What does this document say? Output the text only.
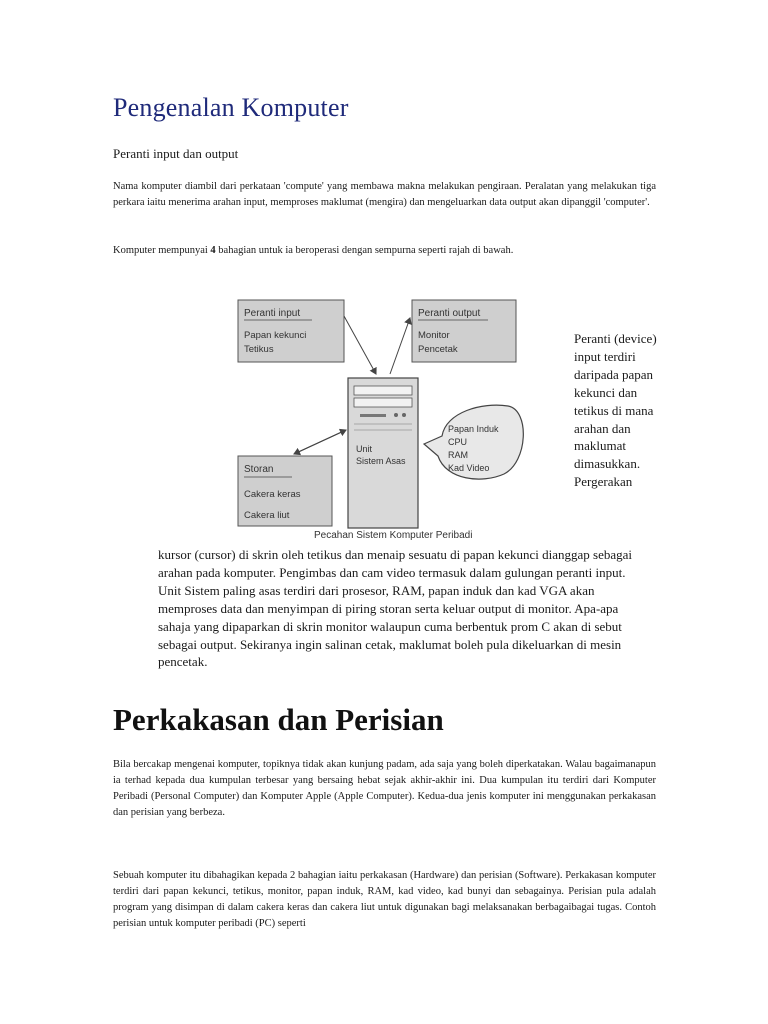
Pengenalan Komputer
Peranti input dan output
Nama komputer diambil dari perkataan 'compute' yang membawa makna melakukan pengiraan. Peralatan yang melakukan tiga perkara iaitu menerima arahan input, memproses maklumat (mengira) dan mengeluarkan data output akan dipanggil 'computer'.
Komputer mempunyai 4 bahagian untuk ia beroperasi dengan sempurna seperti rajah di bawah.
Peranti input
Papan kekunci
Tetikus
Peranti output
Monitor
Pencetak
Storan
Cakera keras
Cakera liut
Unit
Sistem Asas
Papan Induk
CPU
RAM
Kad Video
Pecahan Sistem Komputer Peribadi
Peranti (device) input terdiri daripada papan kekunci dan tetikus di mana arahan dan maklumat dimasukkan. Pergerakan
kursor (cursor) di skrin oleh tetikus dan menaip sesuatu di papan kekunci dianggap sebagai arahan pada komputer. Pengimbas dan cam video termasuk dalam gulungan peranti input. Unit Sistem paling asas terdiri dari prosesor, RAM, papan induk dan kad VGA akan memproses data dan menyimpan di piring storan serta keluar output di monitor. Apa-apa sahaja yang dipaparkan di skrin monitor walaupun cuma berbentuk prom C akan di sebut sebagai output. Sekiranya ingin salinan cetak, maklumat boleh pula dikeluarkan di mesin pencetak.
Perkakasan dan Perisian
Bila bercakap mengenai komputer, topiknya tidak akan kunjung padam, ada saja yang boleh diperkatakan. Walau bagaimanapun ia terhad kepada dua kumpulan terbesar yang bersaing hebat sejak akhir-akhir ini. Dua kumpulan itu terdiri dari Komputer Peribadi (Personal Computer) dan Komputer Apple (Apple Computer). Kedua-dua jenis komputer ini menggunakan perkakasan dan perisian yang berbeza.
Sebuah komputer itu dibahagikan kepada 2 bahagian iaitu perkakasan (Hardware) dan perisian (Software). Perkakasan komputer terdiri dari papan kekunci, tetikus, monitor, papan induk, RAM, kad video, kad bunyi dan sebagainya. Perisian pula adalah program yang disimpan di dalam cakera keras dan cakera liut untuk digunakan bagi melaksanakan berbagaibagai tugas. Contoh perisian untuk komputer peribadi (PC) seperti
